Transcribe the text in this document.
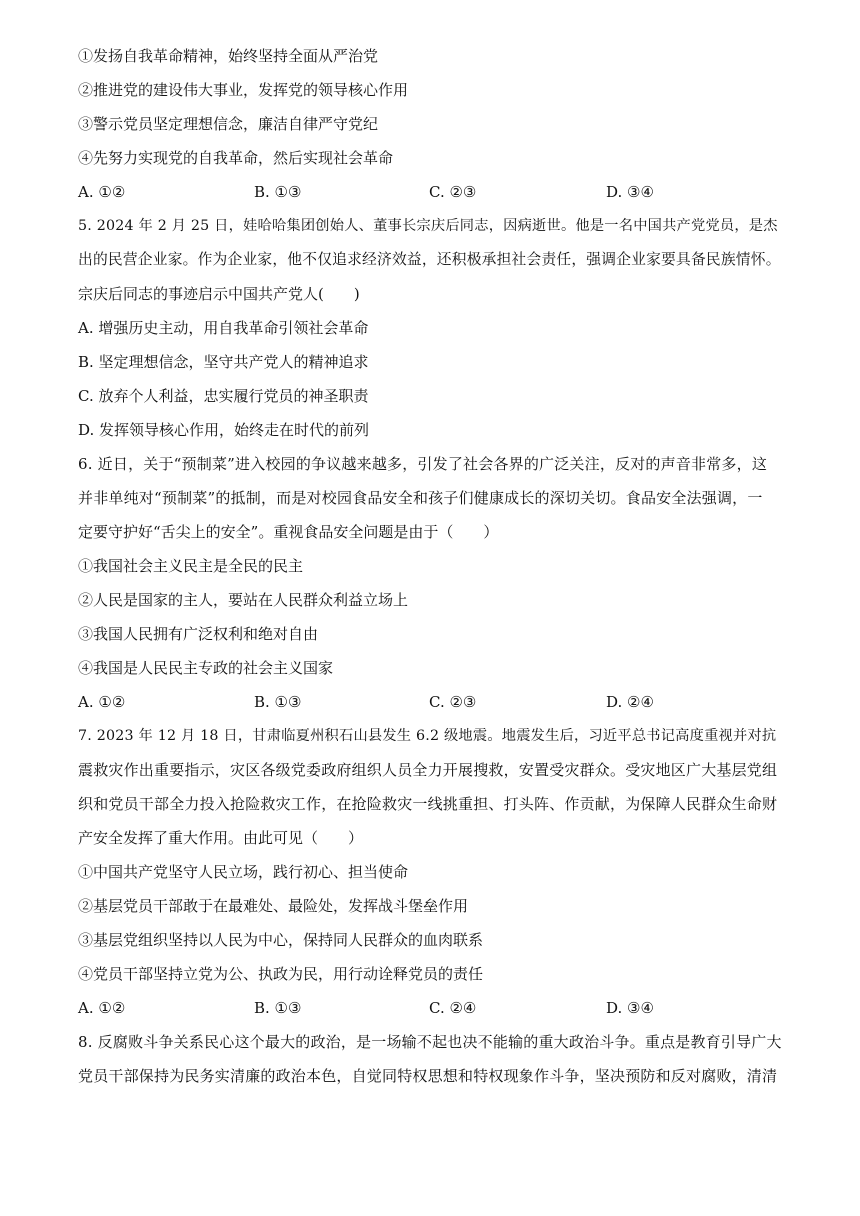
①发扬自我革命精神，始终坚持全面从严治党
②推进党的建设伟大事业，发挥党的领导核心作用
③警示党员坚定理想信念，廉洁自律严守党纪
④先努力实现党的自我革命，然后实现社会革命
A. ①②	B. ①③	C. ②③	D. ③④
5. 2024 年 2 月 25 日，娃哈哈集团创始人、董事长宗庆后同志，因病逝世。他是一名中国共产党党员，是杰
出的民营企业家。作为企业家，他不仅追求经济效益，还积极承担社会责任，强调企业家要具备民族情怀。
宗庆后同志的事迹启示中国共产党人(　　)
A. 增强历史主动，用自我革命引领社会革命
B. 坚定理想信念，坚守共产党人的精神追求
C. 放弃个人利益，忠实履行党员的神圣职责
D. 发挥领导核心作用，始终走在时代的前列
6. 近日，关于“预制菜”进入校园的争议越来越多，引发了社会各界的广泛关注，反对的声音非常多，这
并非单纯对“预制菜”的抵制，而是对校园食品安全和孩子们健康成长的深切关切。食品安全法强调，一
定要守护好“舌尖上的安全”。重视食品安全问题是由于（　　）
①我国社会主义民主是全民的民主
②人民是国家的主人，要站在人民群众利益立场上
③我国人民拥有广泛权利和绝对自由
④我国是人民民主专政的社会主义国家
A. ①②	B. ①③	C. ②③	D. ②④
7. 2023 年 12 月 18 日，甘肃临夏州积石山县发生 6.2 级地震。地震发生后，习近平总书记高度重视并对抗
震救灾作出重要指示，灾区各级党委政府组织人员全力开展搜救，安置受灾群众。受灾地区广大基层党组
织和党员干部全力投入抢险救灾工作，在抢险救灾一线挑重担、打头阵、作贡献，为保障人民群众生命财
产安全发挥了重大作用。由此可见（　　）
①中国共产党坚守人民立场，践行初心、担当使命
②基层党员干部敢于在最难处、最险处，发挥战斗堡垒作用
③基层党组织坚持以人民为中心，保持同人民群众的血肉联系
④党员干部坚持立党为公、执政为民，用行动诠释党员的责任
A. ①②	B. ①③	C. ②④	D. ③④
8. 反腐败斗争关系民心这个最大的政治，是一场输不起也决不能输的重大政治斗争。重点是教育引导广大
党员干部保持为民务实清廉的政治本色，自觉同特权思想和特权现象作斗争，坚决预防和反对腐败，清清
